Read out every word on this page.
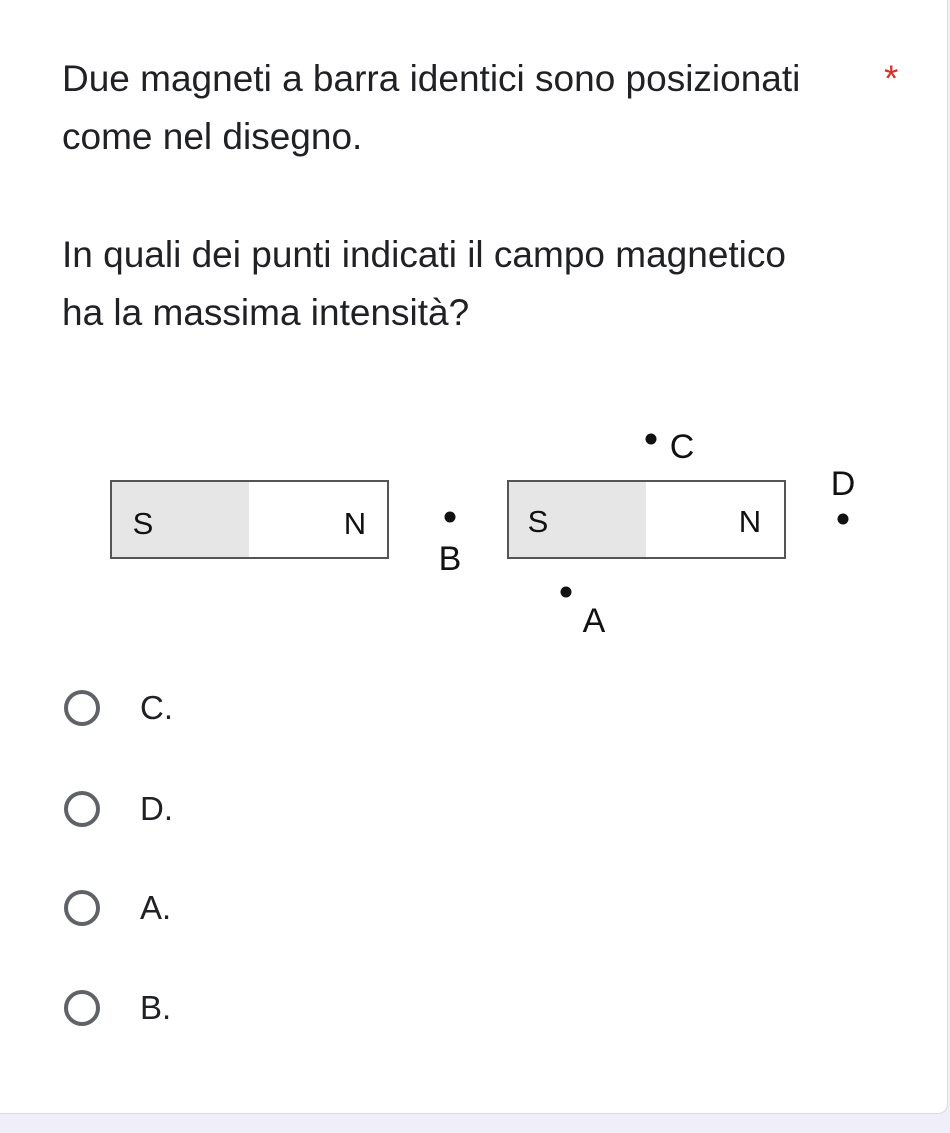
Due magneti a barra identici sono posizionati
come nel disegno.
*
In quali dei punti indicati il campo magnetico
ha la massima intensità?
S	N	S	N
C
D
B
A
C.
D.
A.
B.
